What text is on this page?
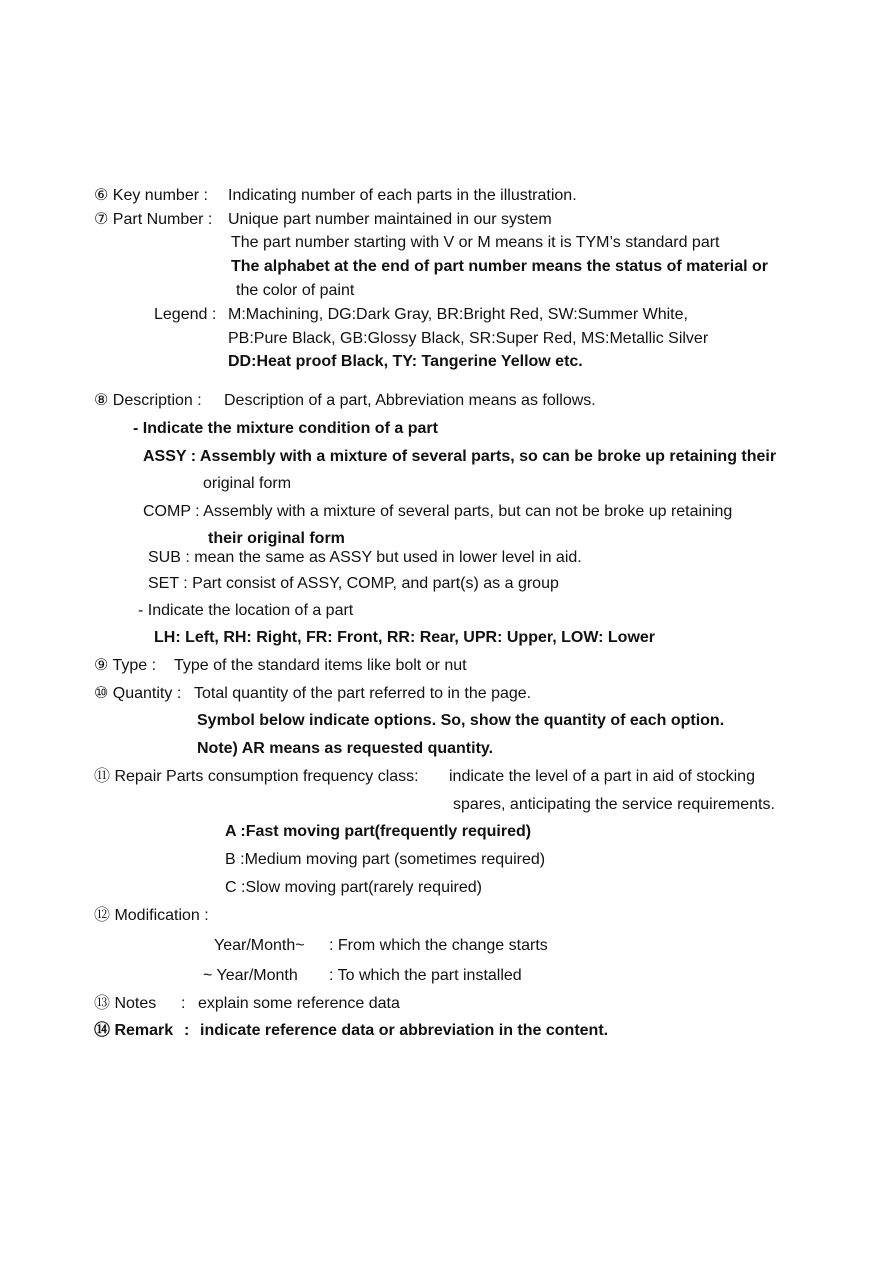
⑥ Key number : Indicating number of each parts in the illustration.
⑦ Part Number : Unique part number maintained in our system
The part number starting with V or M means it is TYM’s standard part
The alphabet at the end of part number means the status of material or
the color of paint
Legend : M:Machining, DG:Dark Gray, BR:Bright Red, SW:Summer White,
PB:Pure Black, GB:Glossy Black, SR:Super Red, MS:Metallic Silver
DD:Heat proof Black, TY: Tangerine Yellow etc.
⑧ Description : Description of a part, Abbreviation means as follows.
- Indicate the mixture condition of a part
ASSY : Assembly with a mixture of several parts, so can be broke up retaining their
original form
COMP : Assembly with a mixture of several parts, but can not be broke up retaining
their original form
SUB : mean the same as ASSY but used in lower level in aid.
SET : Part consist of ASSY, COMP, and part(s) as a group
- Indicate the location of a part
LH: Left, RH: Right, FR: Front, RR: Rear, UPR: Upper, LOW: Lower
⑨ Type : Type of the standard items like bolt or nut
⑩ Quantity : Total quantity of the part referred to in the page.
Symbol below indicate options. So, show the quantity of each option.
Note) AR means as requested quantity.
⑪ Repair Parts consumption frequency class: indicate the level of a part in aid of stocking
spares, anticipating the service requirements.
A :Fast moving part(frequently required)
B :Medium moving part (sometimes required)
C :Slow moving part(rarely required)
⑫ Modification :
Year/Month~ : From which the change starts
~ Year/Month : To which the part installed
⑬ Notes : explain some reference data
⑭ Remark : indicate reference data or abbreviation in the content.
